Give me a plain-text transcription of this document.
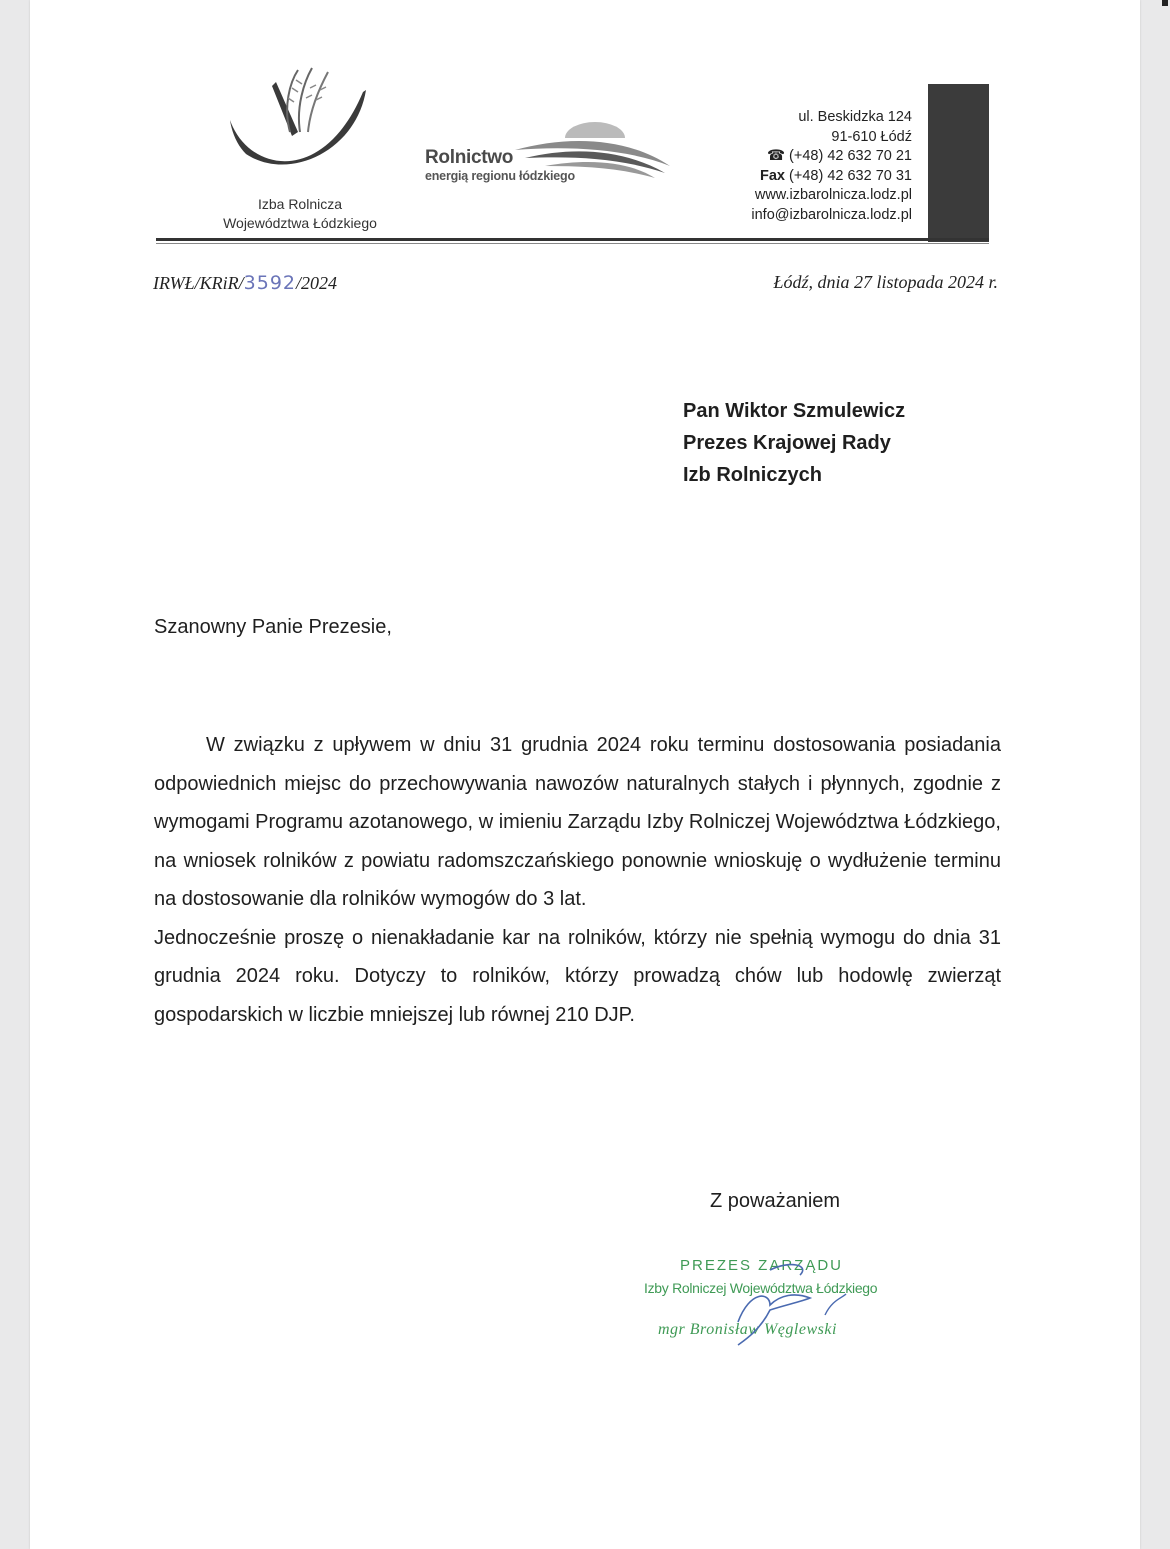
Izba Rolnicza
Województwa Łódzkiego
Rolnictwo
energią regionu łódzkiego
ul. Beskidzka 124
91-610 Łódź
☎ (+48) 42 632 70 21
Fax (+48) 42 632 70 31
www.izbarolnicza.lodz.pl
info@izbarolnicza.lodz.pl
IRWŁ/KRiR/3592/2024	Łódź, dnia 27 listopada 2024 r.
Pan Wiktor Szmulewicz
Prezes Krajowej Rady
Izb Rolniczych
Szanowny Panie Prezesie,

W związku z upływem w dniu 31 grudnia 2024 roku terminu dostosowania posiadania odpowiednich miejsc do przechowywania nawozów naturalnych stałych i płynnych, zgodnie z wymogami Programu azotanowego, w imieniu Zarządu Izby Rolniczej Województwa Łódzkiego, na wniosek rolników z powiatu radomszczańskiego ponownie wnioskuję o wydłużenie terminu na dostosowanie dla rolników wymogów do 3 lat.

Jednocześnie proszę o nienakładanie kar na rolników, którzy nie spełnią wymogu do dnia 31 grudnia 2024 roku. Dotyczy to rolników, którzy prowadzą chów lub hodowlę zwierząt gospodarskich w liczbie mniejszej lub równej 210 DJP.

Z poważaniem
PREZES ZARZĄDU
Izby Rolniczej Województwa Łódzkiego
mgr Bronisław Węglewski
